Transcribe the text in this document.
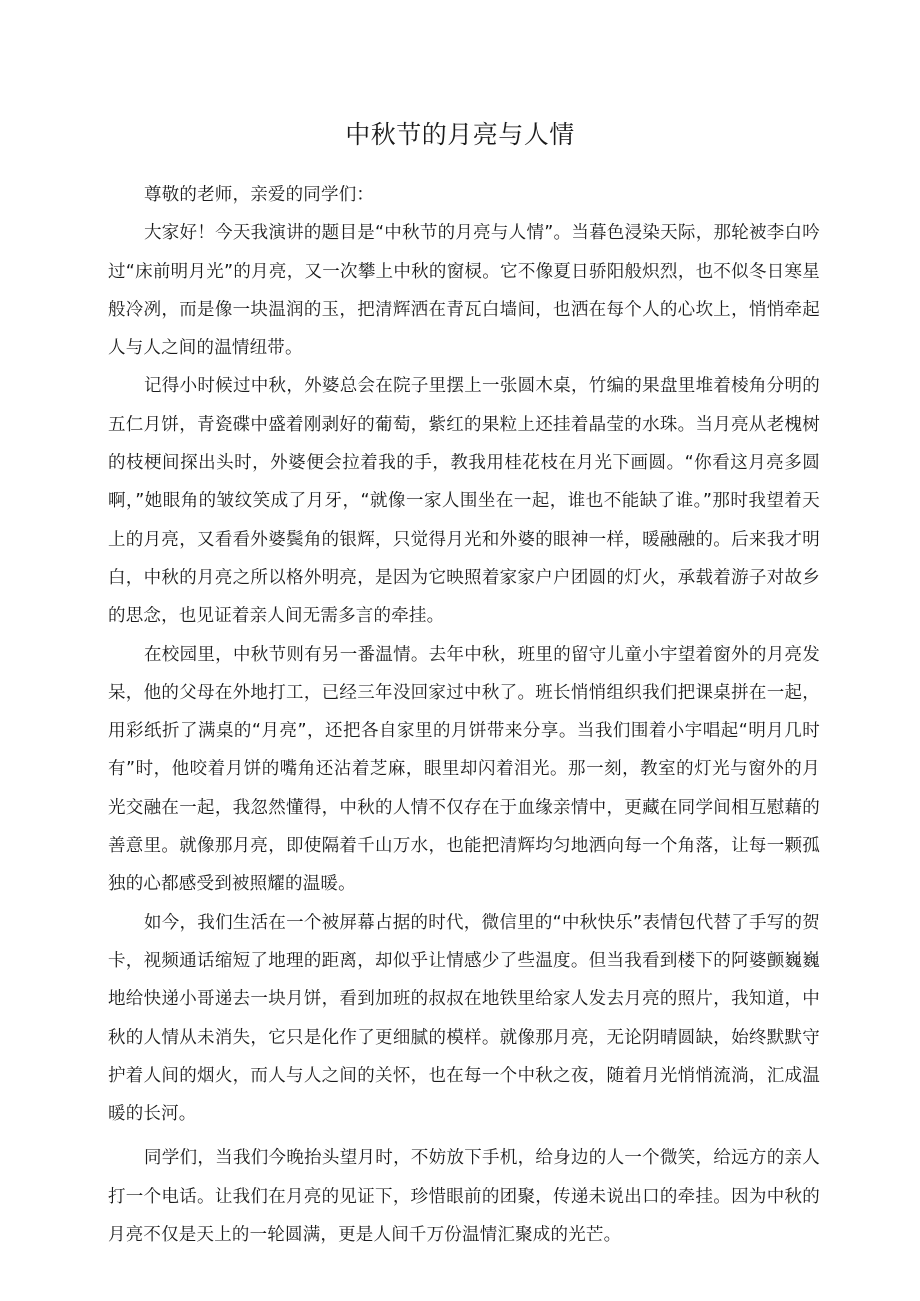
中秋节的月亮与人情

尊敬的老师，亲爱的同学们：

大家好！今天我演讲的题目是“中秋节的月亮与人情”。当暮色浸染天际，那轮被李白吟过“床前明月光”的月亮，又一次攀上中秋的窗棂。它不像夏日骄阳般炽烈，也不似冬日寒星般冷冽，而是像一块温润的玉，把清辉洒在青瓦白墙间，也洒在每个人的心坎上，悄悄牵起人与人之间的温情纽带。

记得小时候过中秋，外婆总会在院子里摆上一张圆木桌，竹编的果盘里堆着棱角分明的五仁月饼，青瓷碟中盛着刚剥好的葡萄，紫红的果粒上还挂着晶莹的水珠。当月亮从老槐树的枝梗间探出头时，外婆便会拉着我的手，教我用桂花枝在月光下画圆。“你看这月亮多圆啊，”她眼角的皱纹笑成了月牙，“就像一家人围坐在一起，谁也不能缺了谁。”那时我望着天上的月亮，又看看外婆鬓角的银辉，只觉得月光和外婆的眼神一样，暖融融的。后来我才明白，中秋的月亮之所以格外明亮，是因为它映照着家家户户团圆的灯火，承载着游子对故乡的思念，也见证着亲人间无需多言的牵挂。

在校园里，中秋节则有另一番温情。去年中秋，班里的留守儿童小宇望着窗外的月亮发呆，他的父母在外地打工，已经三年没回家过中秋了。班长悄悄组织我们把课桌拼在一起，用彩纸折了满桌的“月亮”，还把各自家里的月饼带来分享。当我们围着小宇唱起“明月几时有”时，他咬着月饼的嘴角还沾着芝麻，眼里却闪着泪光。那一刻，教室的灯光与窗外的月光交融在一起，我忽然懂得，中秋的人情不仅存在于血缘亲情中，更藏在同学间相互慰藉的善意里。就像那月亮，即使隔着千山万水，也能把清辉均匀地洒向每一个角落，让每一颗孤独的心都感受到被照耀的温暖。

如今，我们生活在一个被屏幕占据的时代，微信里的“中秋快乐”表情包代替了手写的贺卡，视频通话缩短了地理的距离，却似乎让情感少了些温度。但当我看到楼下的阿婆颤巍巍地给快递小哥递去一块月饼，看到加班的叔叔在地铁里给家人发去月亮的照片，我知道，中秋的人情从未消失，它只是化作了更细腻的模样。就像那月亮，无论阴晴圆缺，始终默默守护着人间的烟火，而人与人之间的关怀，也在每一个中秋之夜，随着月光悄悄流淌，汇成温暖的长河。

同学们，当我们今晚抬头望月时，不妨放下手机，给身边的人一个微笑，给远方的亲人打一个电话。让我们在月亮的见证下，珍惜眼前的团聚，传递未说出口的牵挂。因为中秋的月亮不仅是天上的一轮圆满，更是人间千万份温情汇聚成的光芒。
